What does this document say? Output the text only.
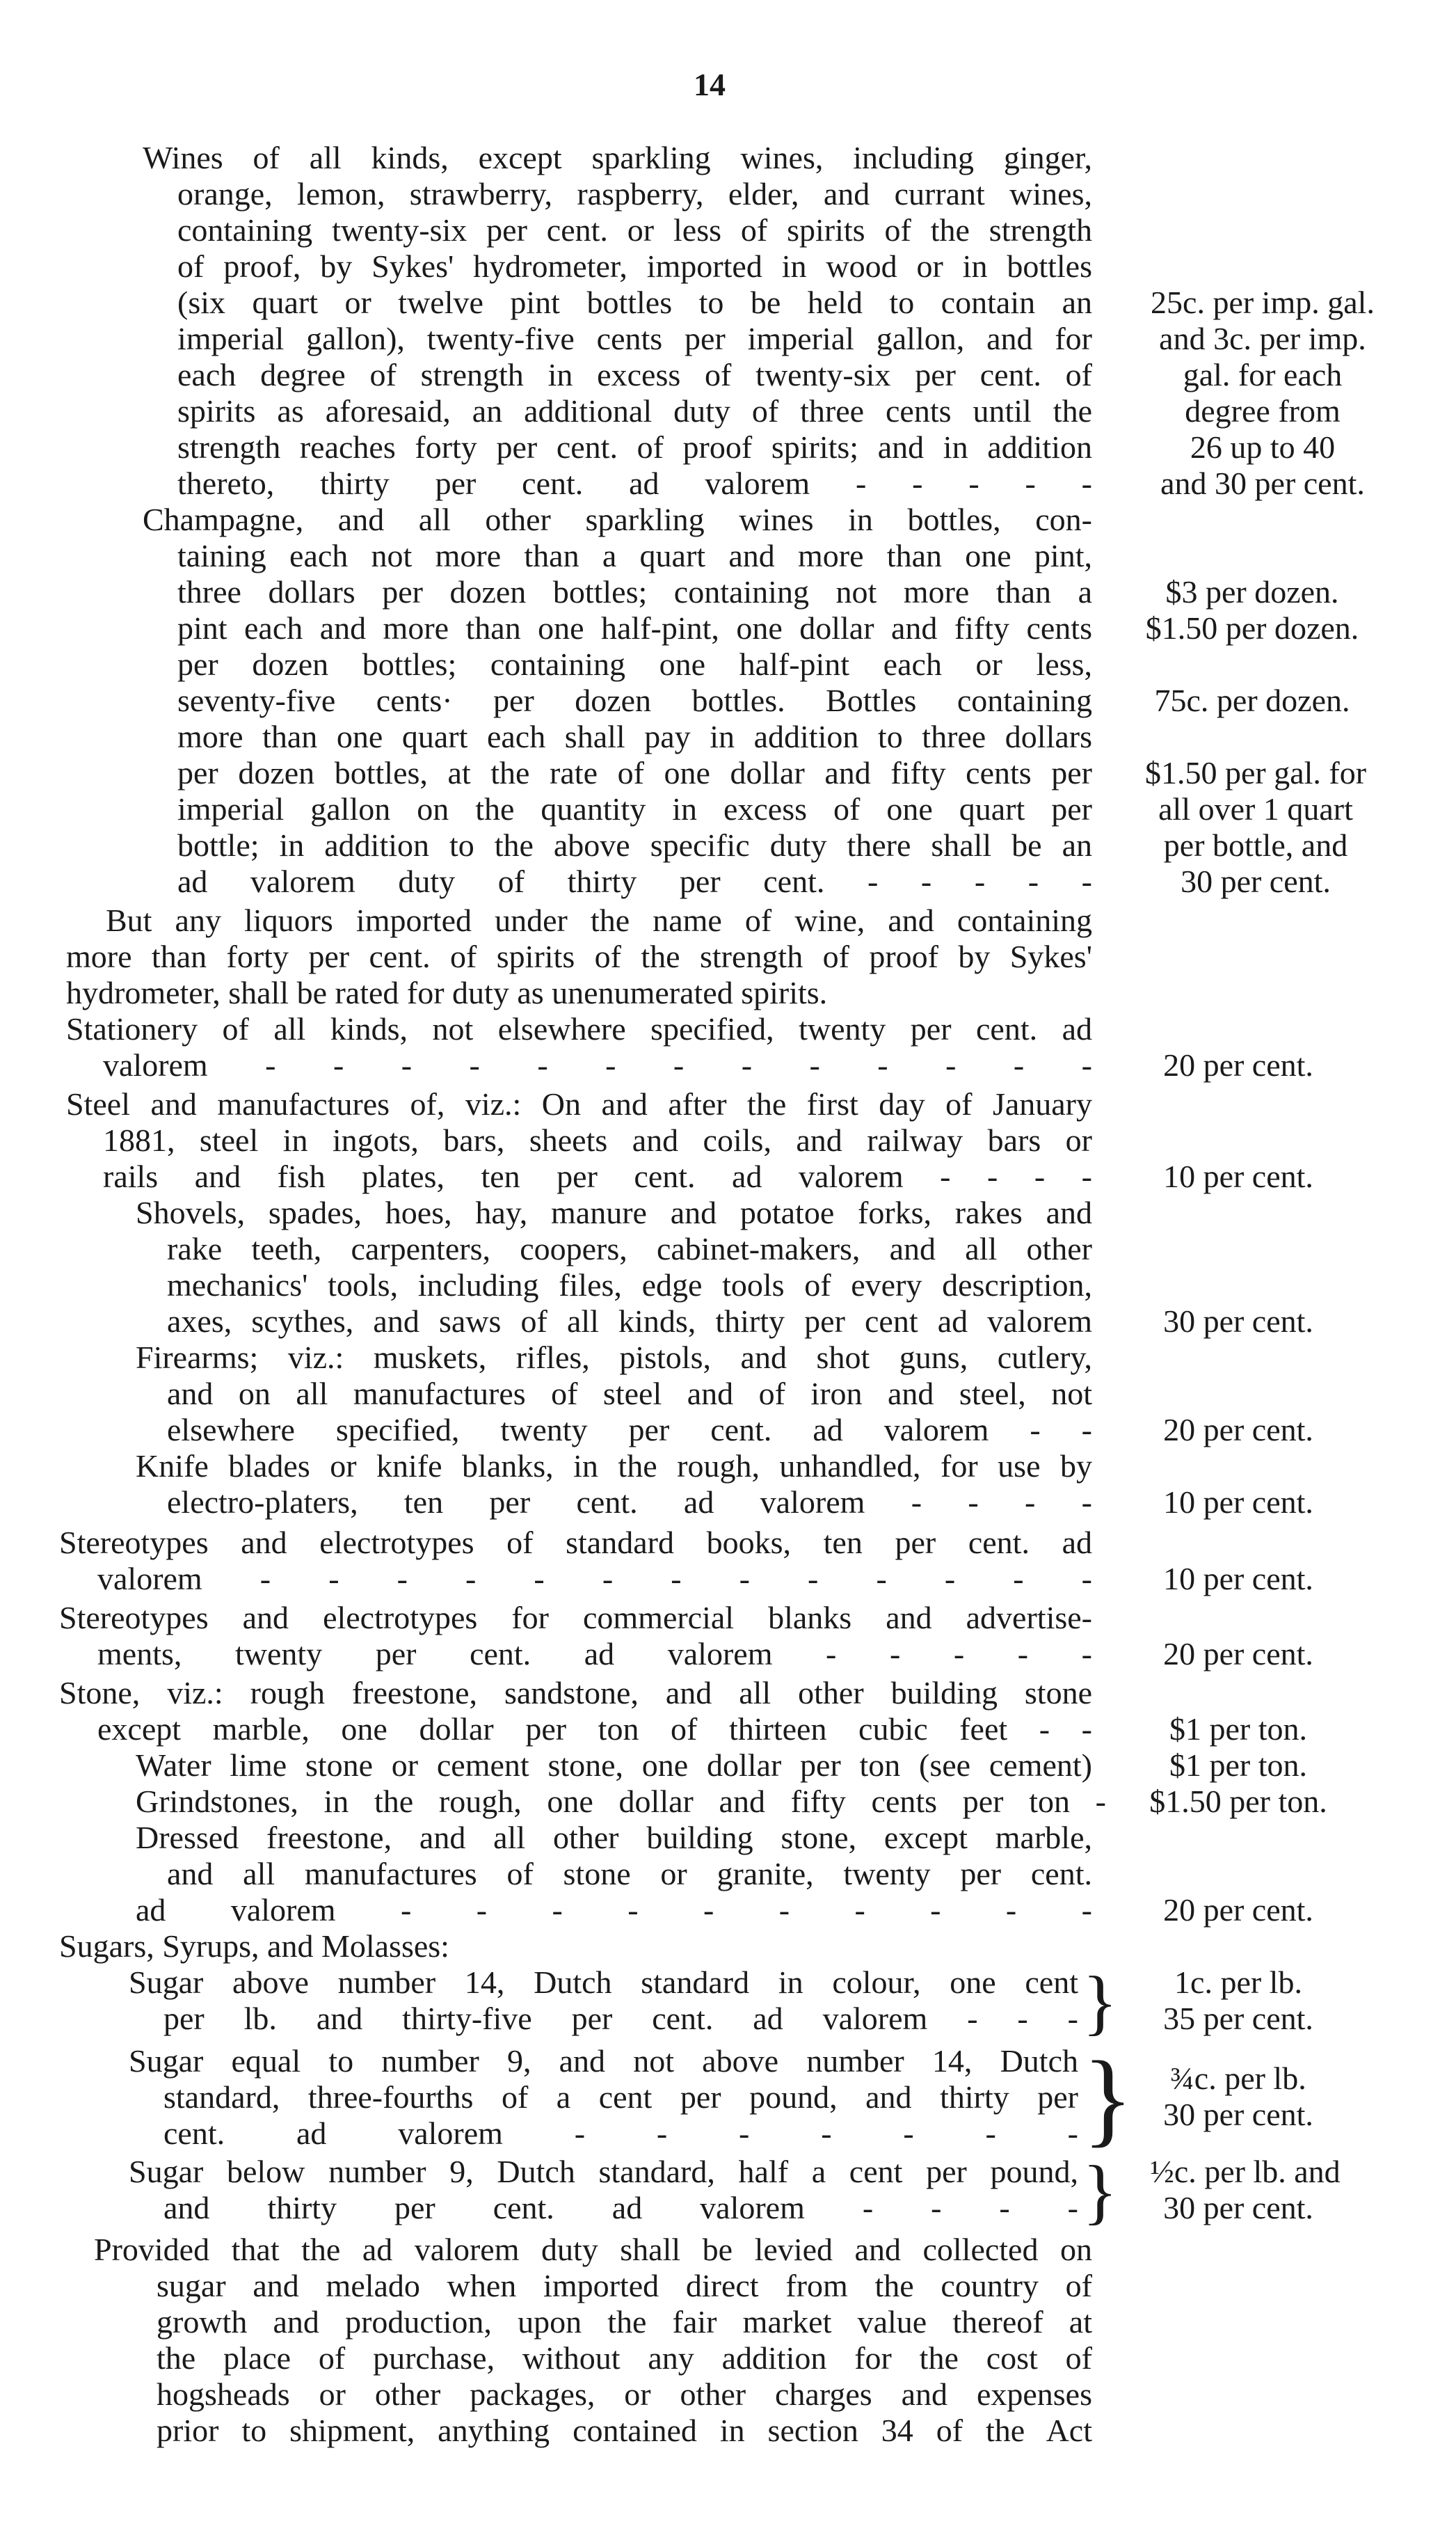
14
Wines of all kinds, except sparkling wines, including ginger,
orange, lemon, strawberry, raspberry, elder, and currant wines,
containing twenty-six per cent. or less of spirits of the strength
of proof, by Sykes' hydrometer, imported in wood or in bottles
(six quart or twelve pint bottles to be held to contain an
imperial gallon), twenty-five cents per imperial gallon, and for
each degree of strength in excess of twenty-six per cent. of
spirits as aforesaid, an additional duty of three cents until the
strength reaches forty per cent. of proof spirits; and in addition
thereto, thirty per cent. ad valorem - - - - -
Champagne, and all other sparkling wines in bottles, con-
taining each not more than a quart and more than one pint,
three dollars per dozen bottles; containing not more than a
pint each and more than one half-pint, one dollar and fifty cents
per dozen bottles; containing one half-pint each or less,
seventy-five cents· per dozen bottles. Bottles containing
more than one quart each shall pay in addition to three dollars
per dozen bottles, at the rate of one dollar and fifty cents per
imperial gallon on the quantity in excess of one quart per
bottle; in addition to the above specific duty there shall be an
ad valorem duty of thirty per cent. - - - - -
But any liquors imported under the name of wine, and containing
more than forty per cent. of spirits of the strength of proof by Sykes'
hydrometer, shall be rated for duty as unenumerated spirits.
Stationery of all kinds, not elsewhere specified, twenty per cent. ad
valorem - - - - - - - - - - - - -
Steel and manufactures of, viz.: On and after the first day of January
1881, steel in ingots, bars, sheets and coils, and railway bars or
rails and fish plates, ten per cent. ad valorem - - - -
Shovels, spades, hoes, hay, manure and potatoe forks, rakes and
rake teeth, carpenters, coopers, cabinet-makers, and all other
mechanics' tools, including files, edge tools of every description,
axes, scythes, and saws of all kinds, thirty per cent ad valorem
Firearms; viz.: muskets, rifles, pistols, and shot guns, cutlery,
and on all manufactures of steel and of iron and steel, not
elsewhere specified, twenty per cent. ad valorem - -
Knife blades or knife blanks, in the rough, unhandled, for use by
electro-platers, ten per cent. ad valorem - - - -
Stereotypes and electrotypes of standard books, ten per cent. ad
valorem - - - - - - - - - - - - -
Stereotypes and electrotypes for commercial blanks and advertise-
ments, twenty per cent. ad valorem - - - - -
Stone, viz.: rough freestone, sandstone, and all other building stone
except marble, one dollar per ton of thirteen cubic feet - -
Water lime stone or cement stone, one dollar per ton (see cement)
Grindstones, in the rough, one dollar and fifty cents per ton -
Dressed freestone, and all other building stone, except marble,
and all manufactures of stone or granite, twenty per cent.
ad valorem - - - - - - - - - -
Sugars, Syrups, and Molasses:
Sugar above number 14, Dutch standard in colour, one cent
per lb. and thirty-five per cent. ad valorem - - -
Sugar equal to number 9, and not above number 14, Dutch
standard, three-fourths of a cent per pound, and thirty per
cent. ad valorem - - - - - - -
Sugar below number 9, Dutch standard, half a cent per pound,
and thirty per cent. ad valorem - - - -
Provided that the ad valorem duty shall be levied and collected on
sugar and melado when imported direct from the country of
growth and production, upon the fair market value thereof at
the place of purchase, without any addition for the cost of
hogsheads or other packages, or other charges and expenses
prior to shipment, anything contained in section 34 of the Act
25c. per imp. gal.
and 3c. per imp.
gal. for each
degree from
26 up to 40
and 30 per cent.
$3 per dozen.
$1.50 per dozen.
75c. per dozen.
$1.50 per gal. for
all over 1 quart
per bottle, and
30 per cent.
20 per cent.
10 per cent.
30 per cent.
20 per cent.
10 per cent.
10 per cent.
20 per cent.
$1 per ton.
$1 per ton.
$1.50 per ton.
20 per cent.
1c. per lb.
35 per cent.
¾c. per lb.
30 per cent.
½c. per lb. and
30 per cent.
}
}
}
